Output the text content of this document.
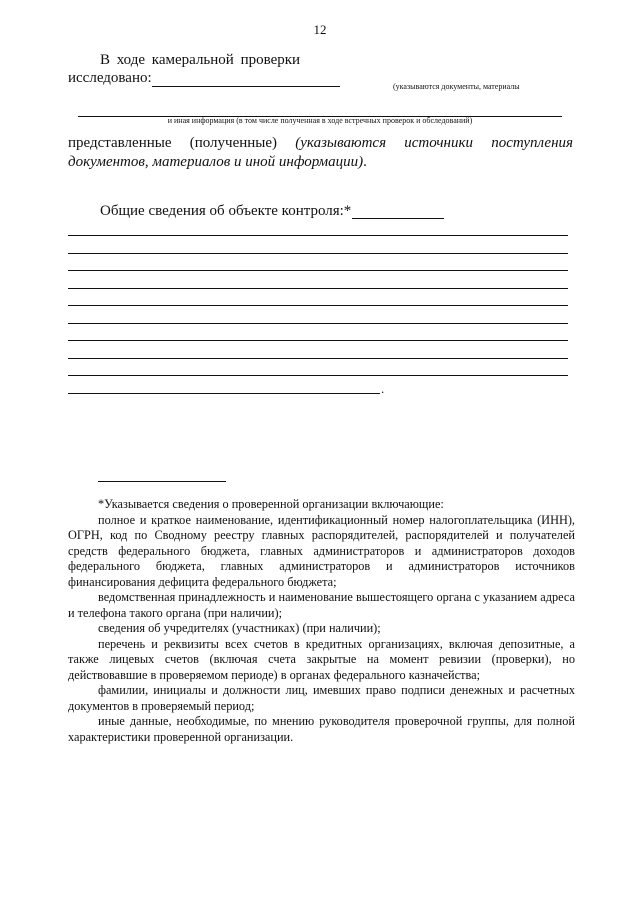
12
В ходе камеральной проверки
исследовано:
(указываются документы, материалы
и иная информация (в том числе полученная в ходе встречных проверок и обследований)
представленные (полученные) (указываются источники поступления
документов, материалов и иной информации).
Общие сведения об объекте контроля:*
.

*Указывается сведения о проверенной организации включающие:

полное и краткое наименование, идентификационный номер налогоплательщика (ИНН), ОГРН, код по Сводному реестру главных распорядителей, распорядителей и получателей средств федерального бюджета, главных администраторов и администраторов доходов федерального бюджета, главных администраторов и администраторов источников финансирования дефицита федерального бюджета;

ведомственная принадлежность и наименование вышестоящего органа с указанием адреса и телефона такого органа (при наличии);

сведения об учредителях (участниках) (при наличии);

перечень и реквизиты всех счетов в кредитных организациях, включая депозитные, а также лицевых счетов (включая счета закрытые на момент ревизии (проверки), но действовавшие в проверяемом периоде) в органах федерального казначейства;

фамилии, инициалы и должности лиц, имевших право подписи денежных и расчетных документов в проверяемый период;

иные данные, необходимые, по мнению руководителя проверочной группы, для полной характеристики проверенной организации.
